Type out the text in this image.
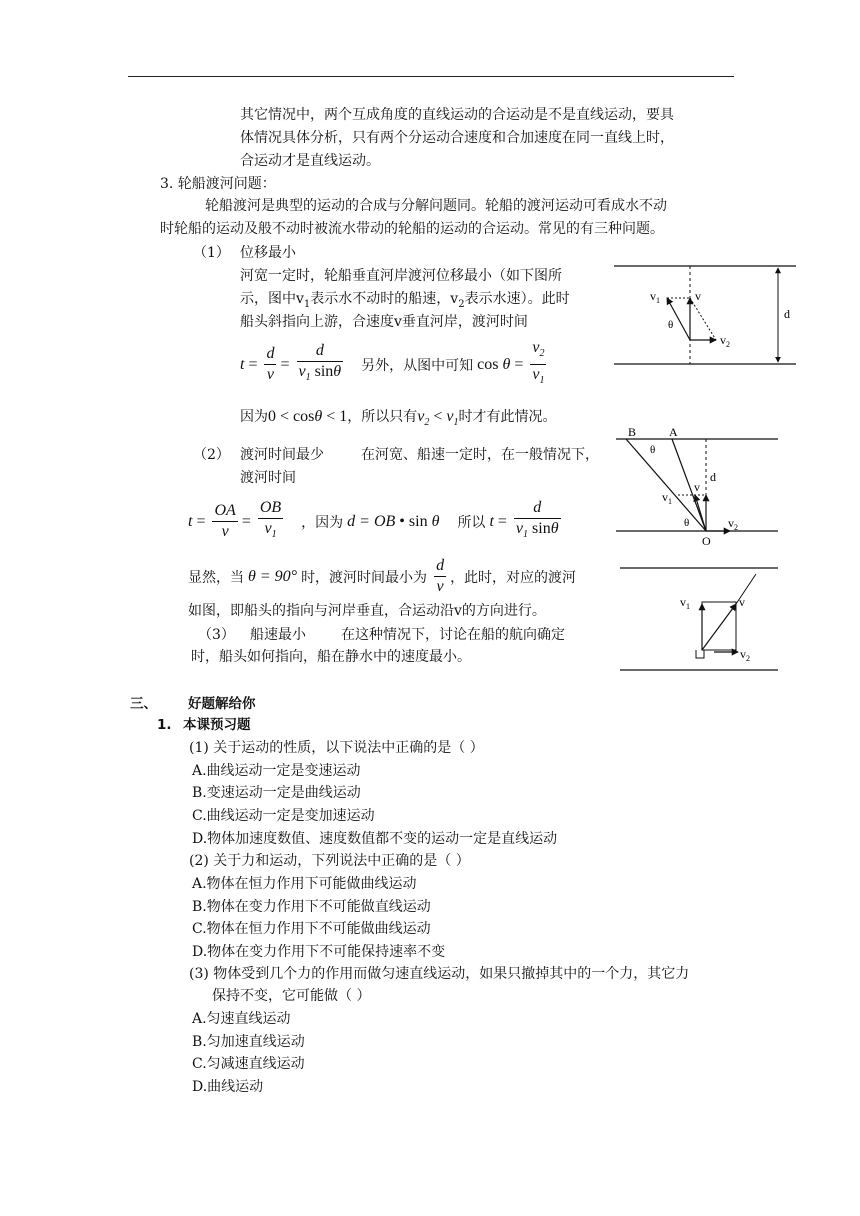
其它情况中，两个互成角度的直线运动的合运动是不是直线运动，要具
体情况具体分析，只有两个分运动合速度和合加速度在同一直线上时，
合运动才是直线运动。
3. 轮船渡河问题：
轮船渡河是典型的运动的合成与分解问题同。轮船的渡河运动可看成水不动
时轮船的运动及般不动时被流水带动的轮船的运动的合运动。常见的有三种问题。
（1） 位移最小
河宽一定时，轮船垂直河岸渡河位移最小（如下图所
示，图中$v_1$表示水不动时的船速，$v_2$表示水速）。此时
船头斜指向上游，合速度v垂直河岸，渡河时间
$t = \frac{d}{v} = \frac{d}{v_1 \sin\theta}$ 另外，从图中可知 $\cos \theta = \frac{v_2}{v_1}$
因为0 < cosθ < 1，所以只有$v_2 < v_1$时才有此情况。
（2） 渡河时间最少	在河宽、船速一定时，在一般情况下，
渡河时间
$t = \frac{OA}{v} = \frac{OB}{v_1}$ ，因为 d = OB • sin θ 所以 $t = \frac{d}{v_1 \sin\theta}$
显然，当 θ = 90° 时，渡河时间最小为 $\frac{d}{v}$ ，此时，对应的渡河
如图，即船头的指向与河岸垂直，合运动沿v的方向进行。
（3） 船速最小	在这种情况下，讨论在船的航向确定
时，船头如何指向，船在静水中的速度最小。
$v_1$	v
θ
$v_2$
d
B	A
θ
d
v
$v_1$
θ	$v_2$
O
$v_1$	v
$v_2$
三、 好题解给你
1. 本课预习题
(1) 关于运动的性质，以下说法中正确的是（ ）
A.曲线运动一定是变速运动
B.变速运动一定是曲线运动
C.曲线运动一定是变加速运动
D.物体加速度数值、速度数值都不变的运动一定是直线运动
(2) 关于力和运动，下列说法中正确的是（ ）
A.物体在恒力作用下可能做曲线运动
B.物体在变力作用下不可能做直线运动
C.物体在恒力作用下不可能做曲线运动
D.物体在变力作用下不可能保持速率不变
(3) 物体受到几个力的作用而做匀速直线运动，如果只撤掉其中的一个力，其它力
保持不变，它可能做（ ）
A.匀速直线运动
B.匀加速直线运动
C.匀减速直线运动
D.曲线运动
